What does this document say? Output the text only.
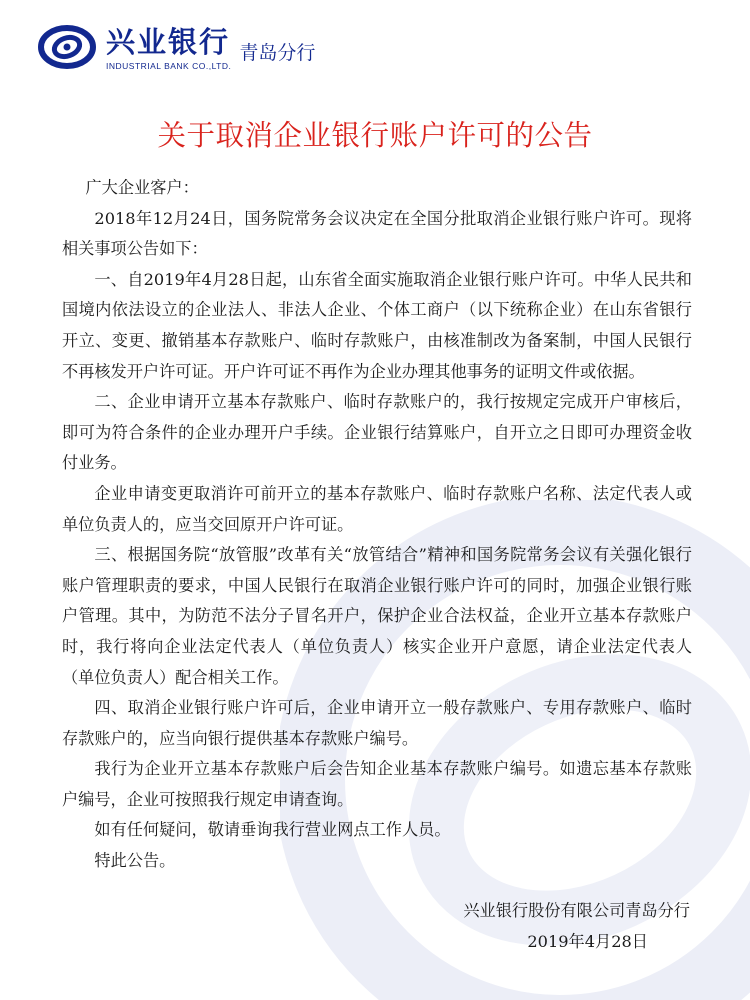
兴业银行
INDUSTRIAL BANK CO.,LTD.
青岛分行
关于取消企业银行账户许可的公告

广大企业客户：

2018年12月24日，国务院常务会议决定在全国分批取消企业银行账户许可。现将相关事项公告如下：

一、自2019年4月28日起，山东省全面实施取消企业银行账户许可。中华人民共和国境内依法设立的企业法人、非法人企业、个体工商户（以下统称企业）在山东省银行开立、变更、撤销基本存款账户、临时存款账户，由核准制改为备案制，中国人民银行不再核发开户许可证。开户许可证不再作为企业办理其他事务的证明文件或依据。

二、企业申请开立基本存款账户、临时存款账户的，我行按规定完成开户审核后，即可为符合条件的企业办理开户手续。企业银行结算账户，自开立之日即可办理资金收付业务。

企业申请变更取消许可前开立的基本存款账户、临时存款账户名称、法定代表人或单位负责人的，应当交回原开户许可证。

三、根据国务院“放管服”改革有关“放管结合”精神和国务院常务会议有关强化银行账户管理职责的要求，中国人民银行在取消企业银行账户许可的同时，加强企业银行账户管理。其中，为防范不法分子冒名开户，保护企业合法权益，企业开立基本存款账户时，我行将向企业法定代表人（单位负责人）核实企业开户意愿，请企业法定代表人（单位负责人）配合相关工作。

四、取消企业银行账户许可后，企业申请开立一般存款账户、专用存款账户、临时存款账户的，应当向银行提供基本存款账户编号。

我行为企业开立基本存款账户后会告知企业基本存款账户编号。如遗忘基本存款账户编号，企业可按照我行规定申请查询。

如有任何疑问，敬请垂询我行营业网点工作人员。

特此公告。

兴业银行股份有限公司青岛分行
2019年4月28日
